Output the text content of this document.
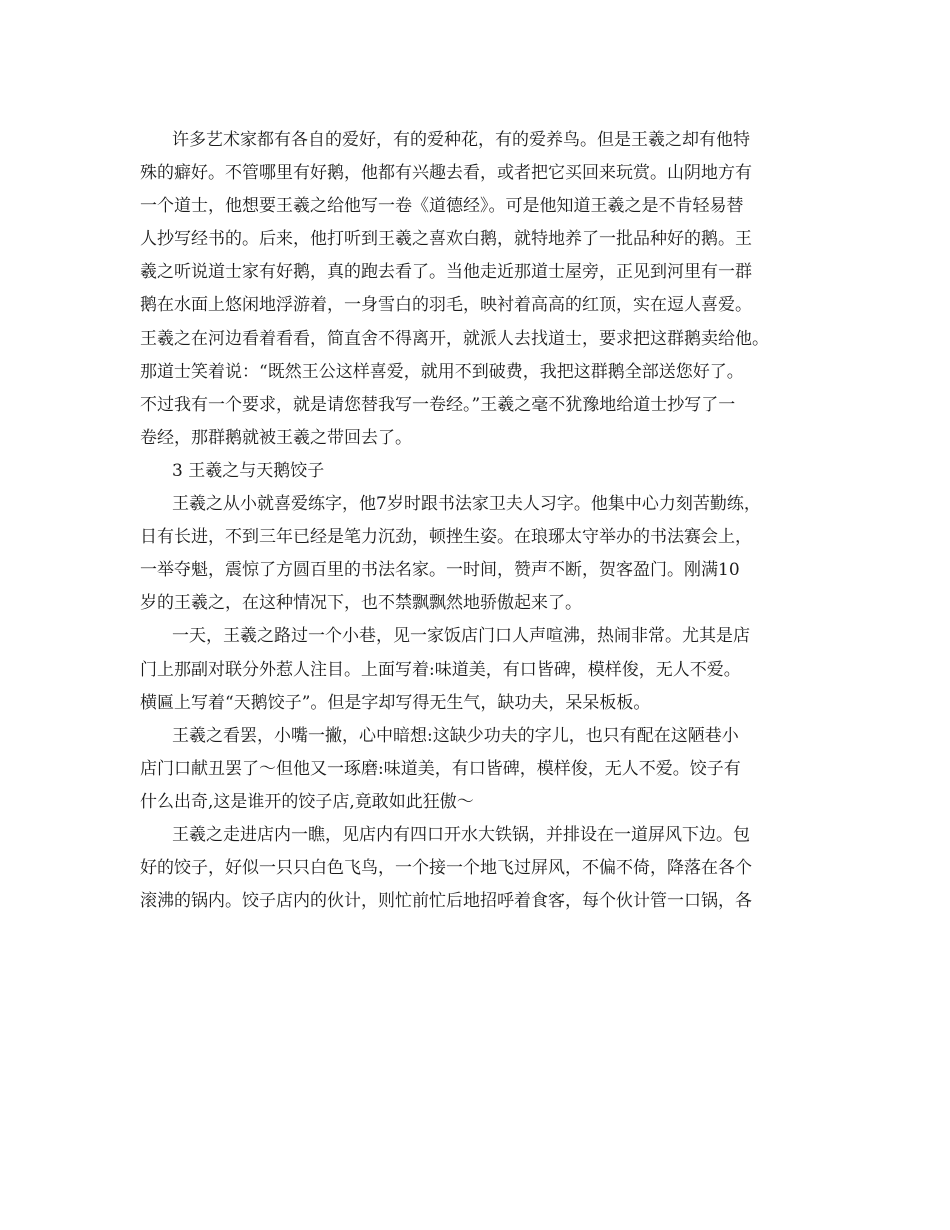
许多艺术家都有各自的爱好，有的爱种花，有的爱养鸟。但是王羲之却有他特
殊的癖好。不管哪里有好鹅，他都有兴趣去看，或者把它买回来玩赏。山阴地方有
一个道士，他想要王羲之给他写一卷《道德经》。可是他知道王羲之是不肯轻易替
人抄写经书的。后来，他打听到王羲之喜欢白鹅，就特地养了一批品种好的鹅。王
羲之听说道士家有好鹅，真的跑去看了。当他走近那道士屋旁，正见到河里有一群
鹅在水面上悠闲地浮游着，一身雪白的羽毛，映衬着高高的红顶，实在逗人喜爱。
王羲之在河边看着看看，简直舍不得离开，就派人去找道士，要求把这群鹅卖给他。
那道士笑着说：“既然王公这样喜爱，就用不到破费，我把这群鹅全部送您好了。
不过我有一个要求，就是请您替我写一卷经。”王羲之毫不犹豫地给道士抄写了一
卷经，那群鹅就被王羲之带回去了。
3 王羲之与天鹅饺子
王羲之从小就喜爱练字，他7岁时跟书法家卫夫人习字。他集中心力刻苦勤练，
日有长进，不到三年已经是笔力沉劲，顿挫生姿。在琅琊太守举办的书法赛会上，
一举夺魁，震惊了方圆百里的书法名家。一时间，赞声不断，贺客盈门。刚满10
岁的王羲之，在这种情况下，也不禁飘飘然地骄傲起来了。
一天，王羲之路过一个小巷，见一家饭店门口人声喧沸，热闹非常。尤其是店
门上那副对联分外惹人注目。上面写着:味道美，有口皆碑，模样俊，无人不爱。
横匾上写着“天鹅饺子”。但是字却写得无生气，缺功夫，呆呆板板。
王羲之看罢，小嘴一撇，心中暗想:这缺少功夫的字儿，也只有配在这陋巷小
店门口献丑罢了～但他又一琢磨:味道美，有口皆碑，模样俊，无人不爱。饺子有
什么出奇,这是谁开的饺子店,竟敢如此狂傲～
王羲之走进店内一瞧，见店内有四口开水大铁锅，并排设在一道屏风下边。包
好的饺子，好似一只只白色飞鸟，一个接一个地飞过屏风，不偏不倚，降落在各个
滚沸的锅内。饺子店内的伙计，则忙前忙后地招呼着食客，每个伙计管一口锅，各
